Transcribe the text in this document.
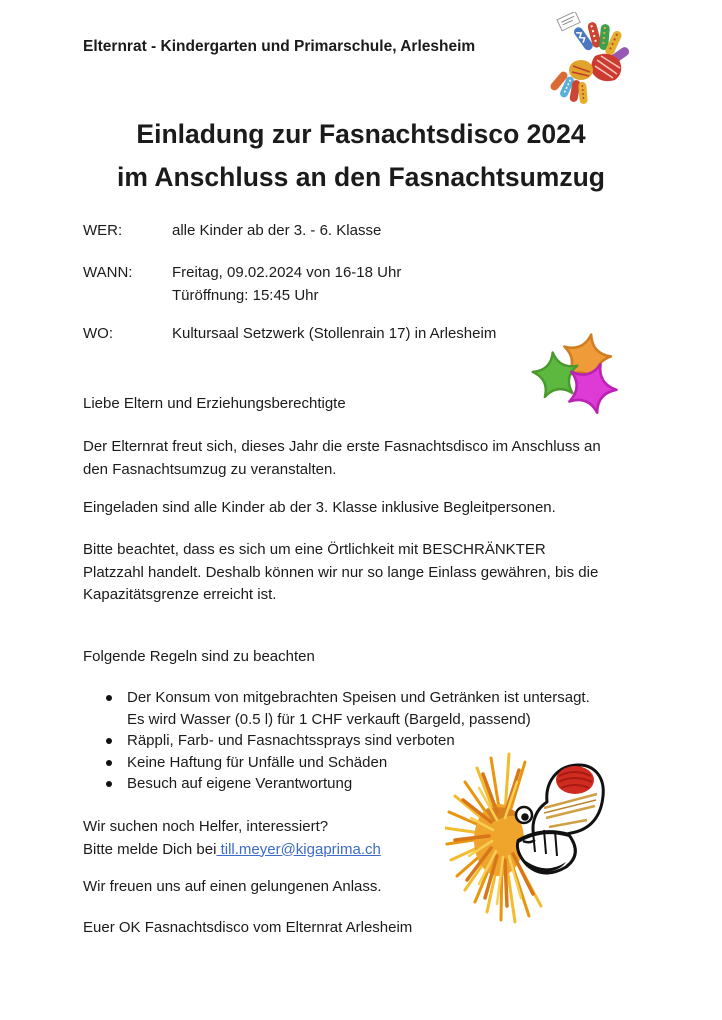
Elternrat - Kindergarten und Primarschule, Arlesheim
Einladung zur Fasnachtsdisco 2024
im Anschluss an den Fasnachtsumzug
WER:	alle Kinder ab der 3. - 6. Klasse
WANN:	Freitag, 09.02.2024 von 16-18 Uhr
Türöffnung: 15:45 Uhr
WO:	Kultursaal Setzwerk (Stollenrain 17) in Arlesheim
Liebe Eltern und Erziehungsberechtigte
Der Elternrat freut sich, dieses Jahr die erste Fasnachtsdisco im Anschluss an
den Fasnachtsumzug zu veranstalten.
Eingeladen sind alle Kinder ab der 3. Klasse inklusive Begleitpersonen.
Bitte beachtet, dass es sich um eine Örtlichkeit mit BESCHRÄNKTER
Platzzahl handelt. Deshalb können wir nur so lange Einlass gewähren, bis die
Kapazitätsgrenze erreicht ist.
Folgende Regeln sind zu beachten
Der Konsum von mitgebrachten Speisen und Getränken ist untersagt.
Es wird Wasser (0.5 l) für 1 CHF verkauft (Bargeld, passend)
Räppli, Farb- und Fasnachtssprays sind verboten
Keine Haftung für Unfälle und Schäden
Besuch auf eigene Verantwortung
Wir suchen noch Helfer, interessiert?
Bitte melde Dich bei till.meyer@kigaprima.ch
Wir freuen uns auf einen gelungenen Anlass.
Euer OK Fasnachtsdisco vom Elternrat Arlesheim
